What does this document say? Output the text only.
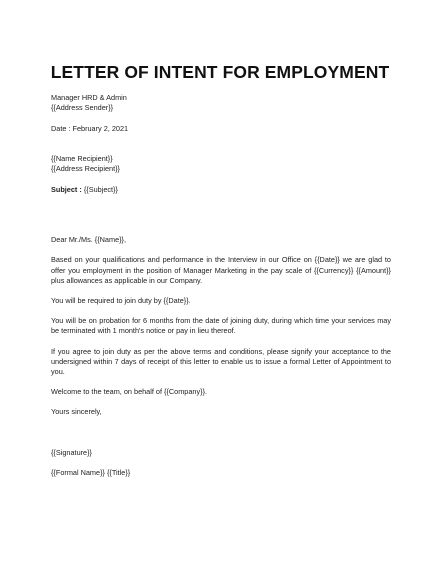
LETTER OF INTENT FOR EMPLOYMENT
Manager HRD & Admin
{{Address Sender}}
Date : February 2, 2021
{{Name Recipient}}
{{Address Recipient}}
Subject : {{Subject}}
Dear Mr./Ms. {{Name}},

Based on your qualifications and performance in the Interview in our Office on {{Date}} we are glad to offer you employment in the position of Manager Marketing in the pay scale of {{Currency}} {{Amount}} plus allowances as applicable in our Company.

You will be required to join duty by {{Date}}.

You will be on probation for 6 months from the date of joining duty, during which time your services may be terminated with 1 month's notice or pay in lieu thereof.

If you agree to join duty as per the above terms and conditions, please signify your acceptance to the undersigned within 7 days of receipt of this letter to enable us to issue a formal Letter of Appointment to you.

Welcome to the team, on behalf of {{Company}}.

Yours sincerely,
{{Signature}}
{{Formal Name}} {{Title}}
